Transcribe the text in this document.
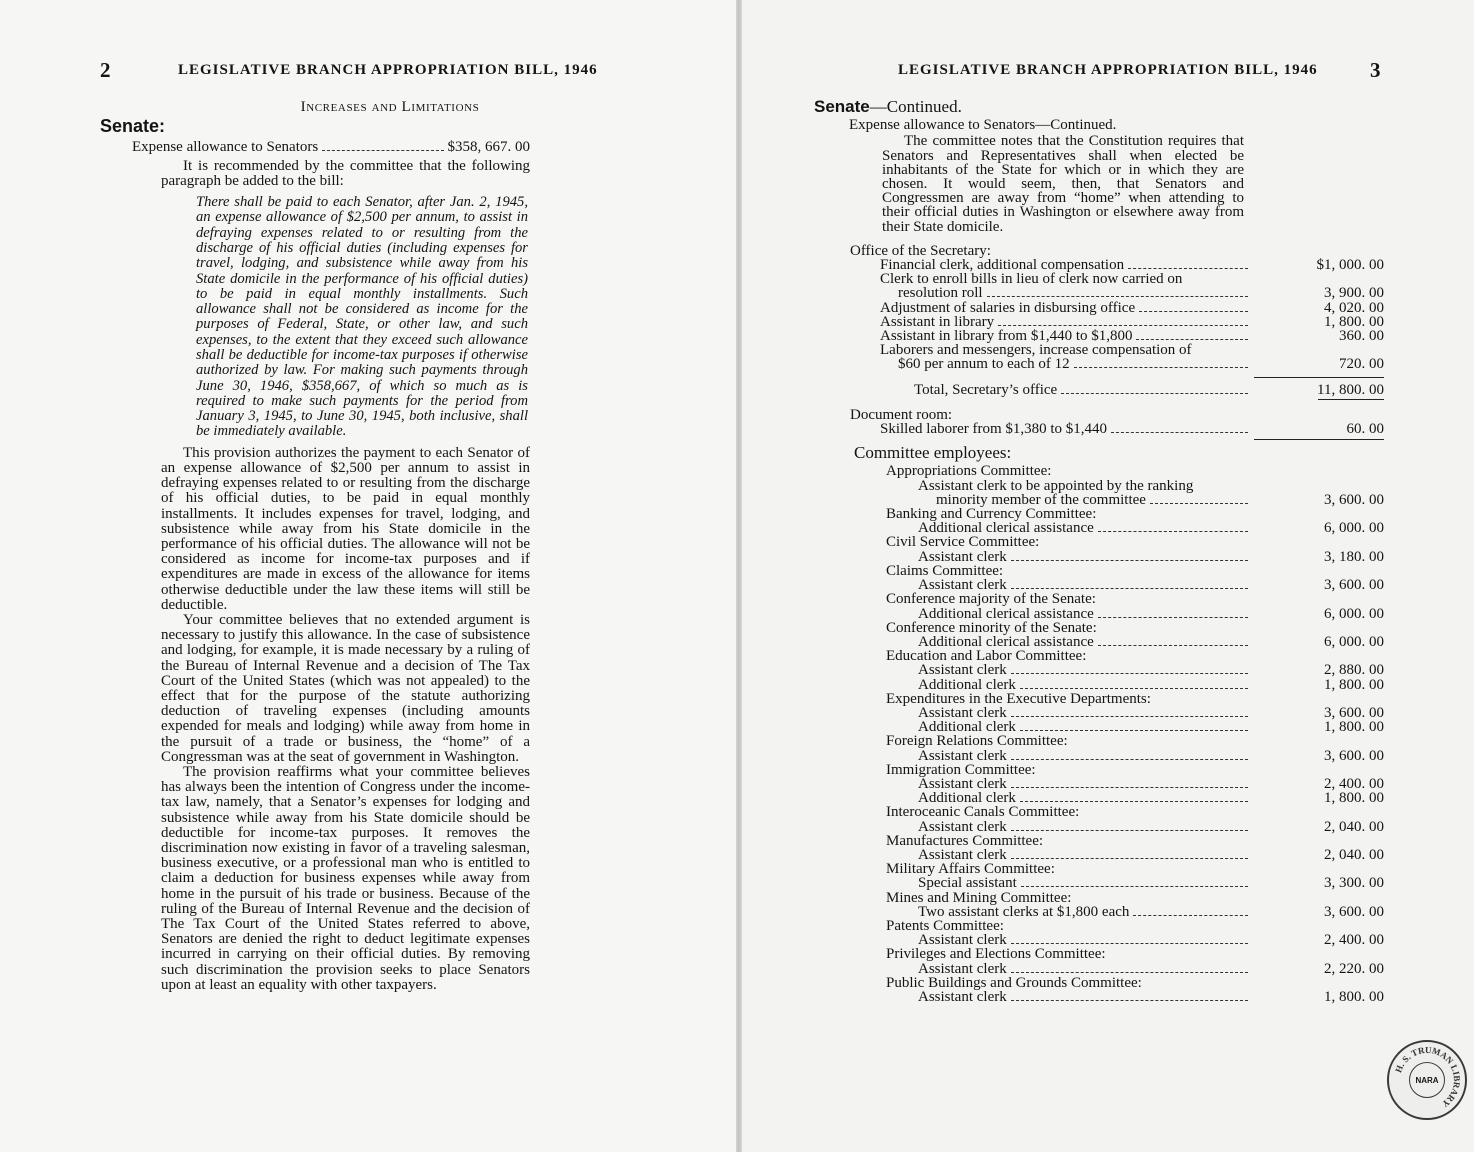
2	LEGISLATIVE BRANCH APPROPRIATION BILL, 1946
Increases and Limitations
Senate:
Expense allowance to Senators	$358, 667. 00

It is recommended by the committee that the following paragraph be added to the bill:

There shall be paid to each Senator, after Jan. 2, 1945, an expense allowance of $2,500 per annum, to assist in defraying expenses related to or resulting from the discharge of his official duties (including expenses for travel, lodging, and subsistence while away from his State domicile in the performance of his official duties) to be paid in equal monthly installments. Such allowance shall not be considered as income for the purposes of Federal, State, or other law, and such expenses, to the extent that they exceed such allowance shall be deductible for income-tax purposes if otherwise authorized by law. For making such payments through June 30, 1946, $358,667, of which so much as is required to make such payments for the period from January 3, 1945, to June 30, 1945, both inclusive, shall be immediately available.

This provision authorizes the payment to each Senator of an expense allowance of $2,500 per annum to assist in defraying expenses related to or resulting from the discharge of his official duties, to be paid in equal monthly installments. It includes expenses for travel, lodging, and subsistence while away from his State domicile in the performance of his official duties. The allowance will not be considered as income for income-tax purposes and if expenditures are made in excess of the allowance for items otherwise deductible under the law these items will still be deductible.

Your committee believes that no extended argument is necessary to justify this allowance. In the case of subsistence and lodging, for example, it is made necessary by a ruling of the Bureau of Internal Revenue and a decision of The Tax Court of the United States (which was not appealed) to the effect that for the purpose of the statute authorizing deduction of traveling expenses (including amounts expended for meals and lodging) while away from home in the pursuit of a trade or business, the “home” of a Congressman was at the seat of government in Washington.

The provision reaffirms what your committee believes has always been the intention of Congress under the income-tax law, namely, that a Senator’s expenses for lodging and subsistence while away from his State domicile should be deductible for income-tax purposes. It removes the discrimination now existing in favor of a traveling salesman, business executive, or a professional man who is entitled to claim a deduction for business expenses while away from home in the pursuit of his trade or business. Because of the ruling of the Bureau of Internal Revenue and the decision of The Tax Court of the United States referred to above, Senators are denied the right to deduct legitimate expenses incurred in carrying on their official duties. By removing such discrimination the provision seeks to place Senators upon at least an equality with other taxpayers.

LEGISLATIVE BRANCH APPROPRIATION BILL, 1946 3
Senate—Continued.
Expense allowance to Senators—Continued.

The committee notes that the Constitution requires that Senators and Representatives shall when elected be inhabitants of the State for which or in which they are chosen. It would seem, then, that Senators and Congressmen are away from “home” when attending to their official duties in Washington or elsewhere away from their State domicile.

Office of the Secretary:
Financial clerk, additional compensation	$1, 000. 00
Clerk to enroll bills in lieu of clerk now carried on
resolution roll	3, 900. 00
Adjustment of salaries in disbursing office	4, 020. 00
Assistant in library	1, 800. 00
Assistant in library from $1,440 to $1,800	360. 00
Laborers and messengers, increase compensation of
$60 per annum to each of 12	720. 00
Total, Secretary’s office	11, 800. 00
Document room:
Skilled laborer from $1,380 to $1,440	60. 00
Committee employees:
Appropriations Committee:
Assistant clerk to be appointed by the ranking
minority member of the committee	3, 600. 00
Banking and Currency Committee:
Additional clerical assistance	6, 000. 00
Civil Service Committee:
Assistant clerk	3, 180. 00
Claims Committee:
Assistant clerk	3, 600. 00
Conference majority of the Senate:
Additional clerical assistance	6, 000. 00
Conference minority of the Senate:
Additional clerical assistance	6, 000. 00
Education and Labor Committee:
Assistant clerk	2, 880. 00
Additional clerk	1, 800. 00
Expenditures in the Executive Departments:
Assistant clerk	3, 600. 00
Additional clerk	1, 800. 00
Foreign Relations Committee:
Assistant clerk	3, 600. 00
Immigration Committee:
Assistant clerk	2, 400. 00
Additional clerk	1, 800. 00
Interoceanic Canals Committee:
Assistant clerk	2, 040. 00
Manufactures Committee:
Assistant clerk	2, 040. 00
Military Affairs Committee:
Special assistant	3, 300. 00
Mines and Mining Committee:
Two assistant clerks at $1,800 each	3, 600. 00
Patents Committee:
Assistant clerk	2, 400. 00
Privileges and Elections Committee:
Assistant clerk	2, 220. 00
Public Buildings and Grounds Committee:
Assistant clerk	1, 800. 00
H. S. TRUMAN LIBRARY
NARA
